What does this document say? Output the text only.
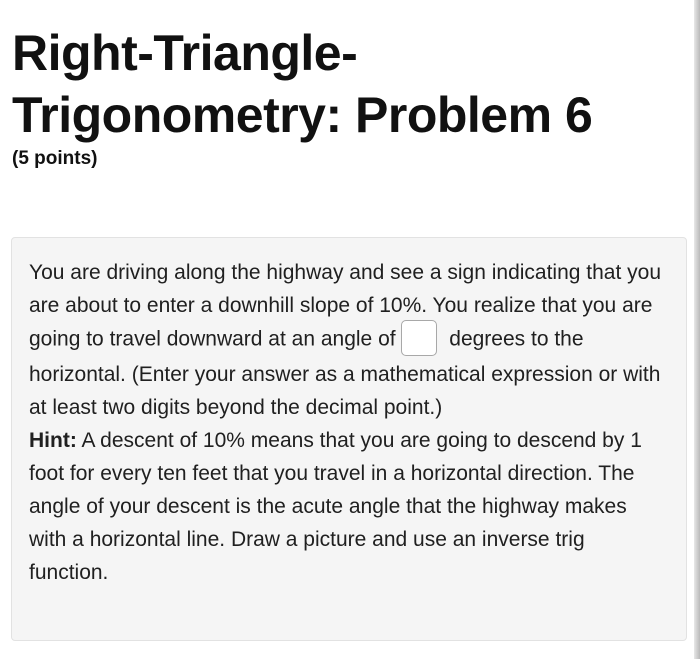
Right-Triangle-
Trigonometry: Problem 6
(5 points)
You are driving along the highway and see a sign indicating that you are about to enter a downhill slope of 10%. You realize that you are going to travel downward at an angle of	degrees to the horizontal. (Enter your answer as a mathematical expression or with at least two digits beyond the decimal point.)
Hint: A descent of 10% means that you are going to descend by 1 foot for every ten feet that you travel in a horizontal direction. The angle of your descent is the acute angle that the highway makes with a horizontal line. Draw a picture and use an inverse trig function.
